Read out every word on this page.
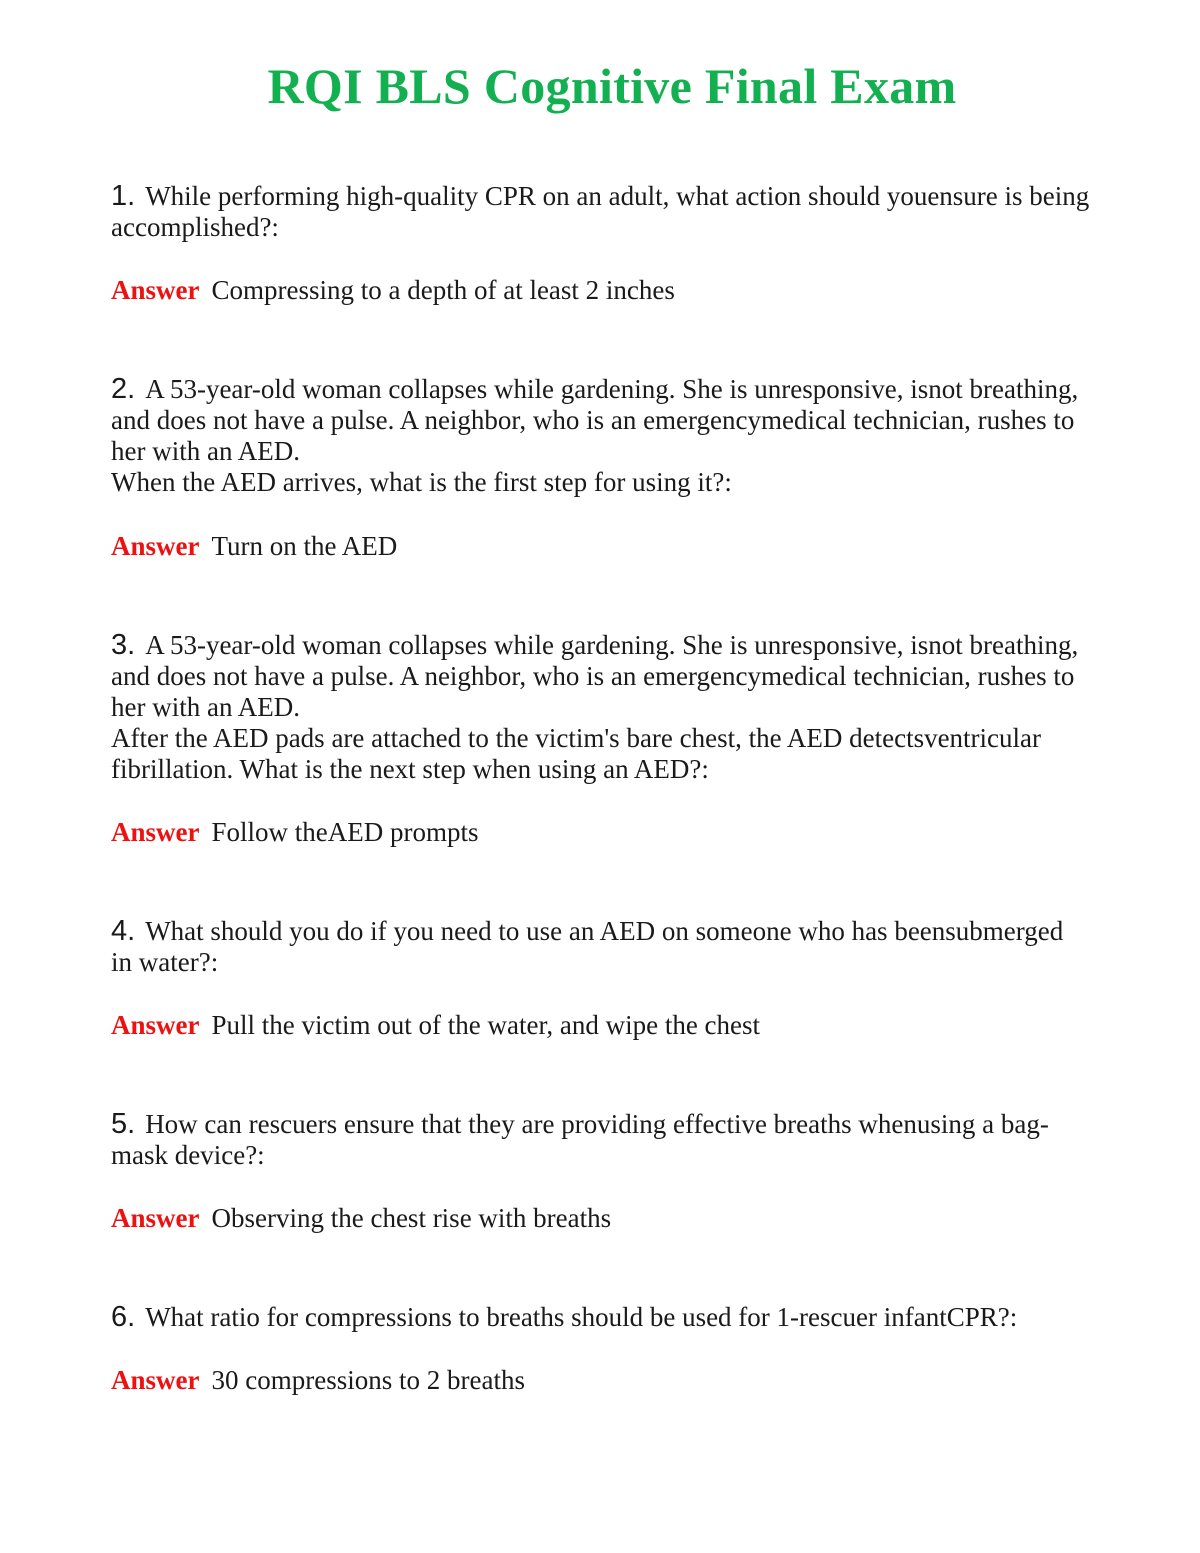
RQI BLS Cognitive Final Exam

1. While performing high-quality CPR on an adult, what action should youensure is being
accomplished?:

Answer Compressing to a depth of at least 2 inches

2. A 53-year-old woman collapses while gardening. She is unresponsive, isnot breathing,
and does not have a pulse. A neighbor, who is an emergencymedical technician, rushes to
her with an AED.
When the AED arrives, what is the first step for using it?:

Answer Turn on the AED

3. A 53-year-old woman collapses while gardening. She is unresponsive, isnot breathing,
and does not have a pulse. A neighbor, who is an emergencymedical technician, rushes to
her with an AED.
After the AED pads are attached to the victim's bare chest, the AED detectsventricular
fibrillation. What is the next step when using an AED?:

Answer Follow theAED prompts

4. What should you do if you need to use an AED on someone who has beensubmerged
in water?:

Answer Pull the victim out of the water, and wipe the chest

5. How can rescuers ensure that they are providing effective breaths whenusing a bag-
mask device?:

Answer Observing the chest rise with breaths

6. What ratio for compressions to breaths should be used for 1-rescuer infantCPR?:

Answer 30 compressions to 2 breaths
